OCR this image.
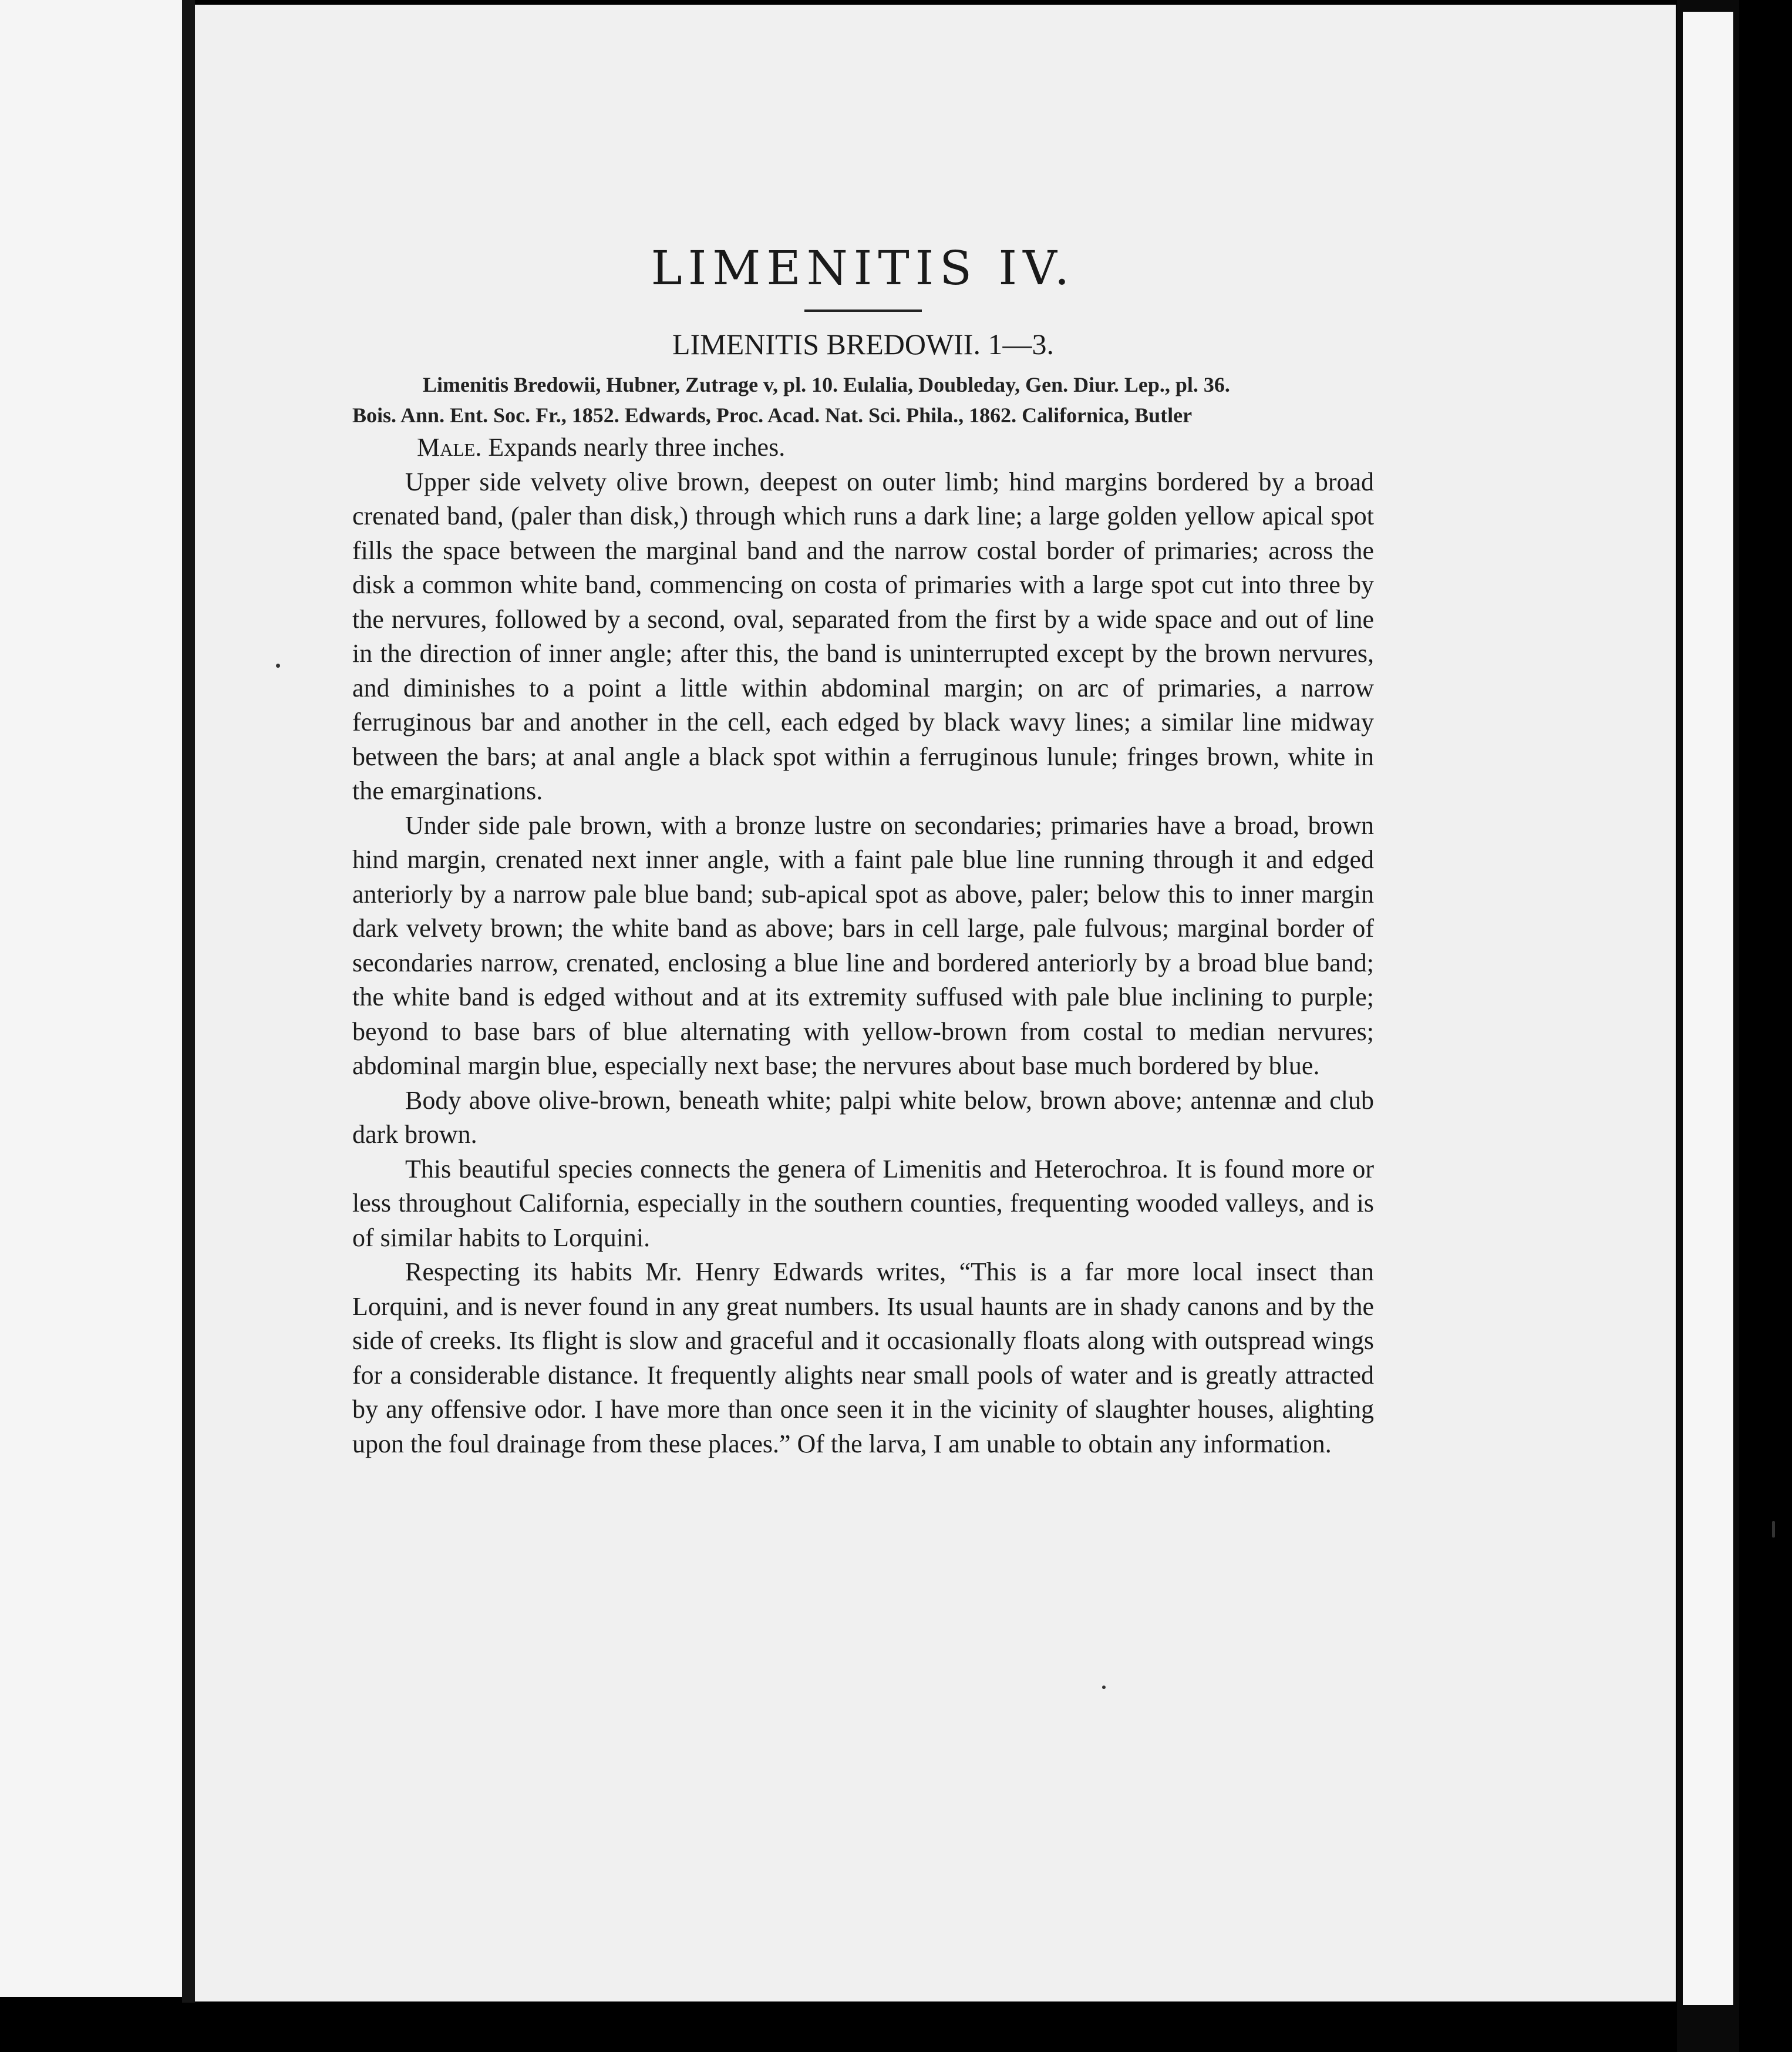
LIMENITIS IV.
LIMENITIS BREDOWII. 1—3.

Limenitis Bredowii, Hubner, Zutrage v, pl. 10. Eulalia, Doubleday, Gen. Diur. Lep., pl. 36.
Bois. Ann. Ent. Soc. Fr., 1852. Edwards, Proc. Acad. Nat. Sci. Phila., 1862. Californica, Butler

Male. Expands nearly three inches.

Upper side velvety olive brown, deepest on outer limb; hind margins bordered by a broad crenated band, (paler than disk,) through which runs a dark line; a large golden yellow apical spot fills the space between the marginal band and the narrow costal border of primaries; across the disk a common white band, commencing on costa of primaries with a large spot cut into three by the nervures, followed by a second, oval, separated from the first by a wide space and out of line in the direction of inner angle; after this, the band is uninterrupted except by the brown nervures, and diminishes to a point a little within abdominal margin; on arc of primaries, a narrow ferruginous bar and another in the cell, each edged by black wavy lines; a similar line midway between the bars; at anal angle a black spot within a ferruginous lunule; fringes brown, white in the emarginations.

Under side pale brown, with a bronze lustre on secondaries; primaries have a broad, brown hind margin, crenated next inner angle, with a faint pale blue line running through it and edged anteriorly by a narrow pale blue band; sub-apical spot as above, paler; below this to inner margin dark velvety brown; the white band as above; bars in cell large, pale fulvous; marginal border of secondaries narrow, crenated, enclosing a blue line and bordered anteriorly by a broad blue band; the white band is edged without and at its extremity suffused with pale blue inclining to purple; beyond to base bars of blue alternating with yellow-brown from costal to median nervures; abdominal margin blue, especially next base; the nervures about base much bordered by blue.

Body above olive-brown, beneath white; palpi white below, brown above; antennæ and club dark brown.

This beautiful species connects the genera of Limenitis and Heterochroa. It is found more or less throughout California, especially in the southern counties, frequenting wooded valleys, and is of similar habits to Lorquini.

Respecting its habits Mr. Henry Edwards writes, “This is a far more local insect than Lorquini, and is never found in any great numbers. Its usual haunts are in shady canons and by the side of creeks. Its flight is slow and graceful and it occasionally floats along with outspread wings for a considerable distance. It frequently alights near small pools of water and is greatly attracted by any offensive odor. I have more than once seen it in the vicinity of slaughter houses, alighting upon the foul drainage from these places.” Of the larva, I am unable to obtain any information.
